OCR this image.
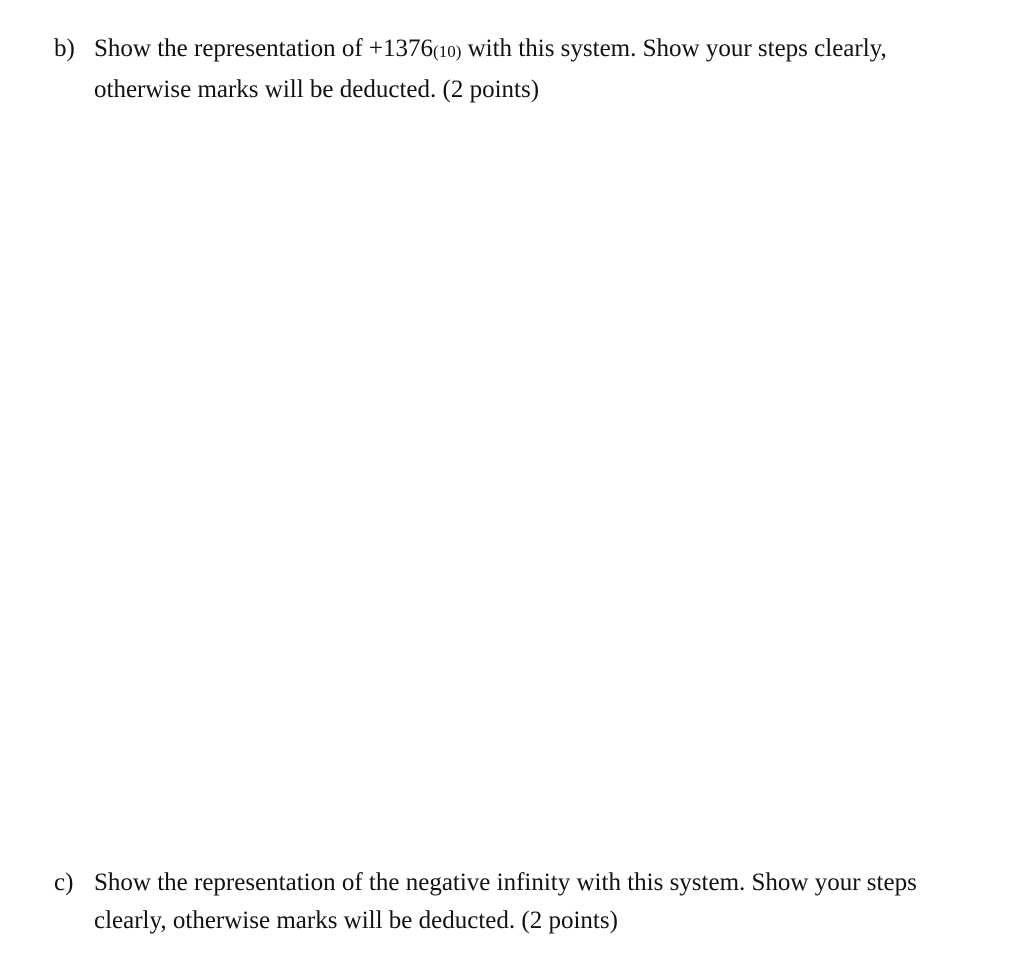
b) Show the representation of +1376(10) with this system. Show your steps clearly,
otherwise marks will be deducted. (2 points)
c) Show the representation of the negative infinity with this system. Show your steps
clearly, otherwise marks will be deducted. (2 points)
